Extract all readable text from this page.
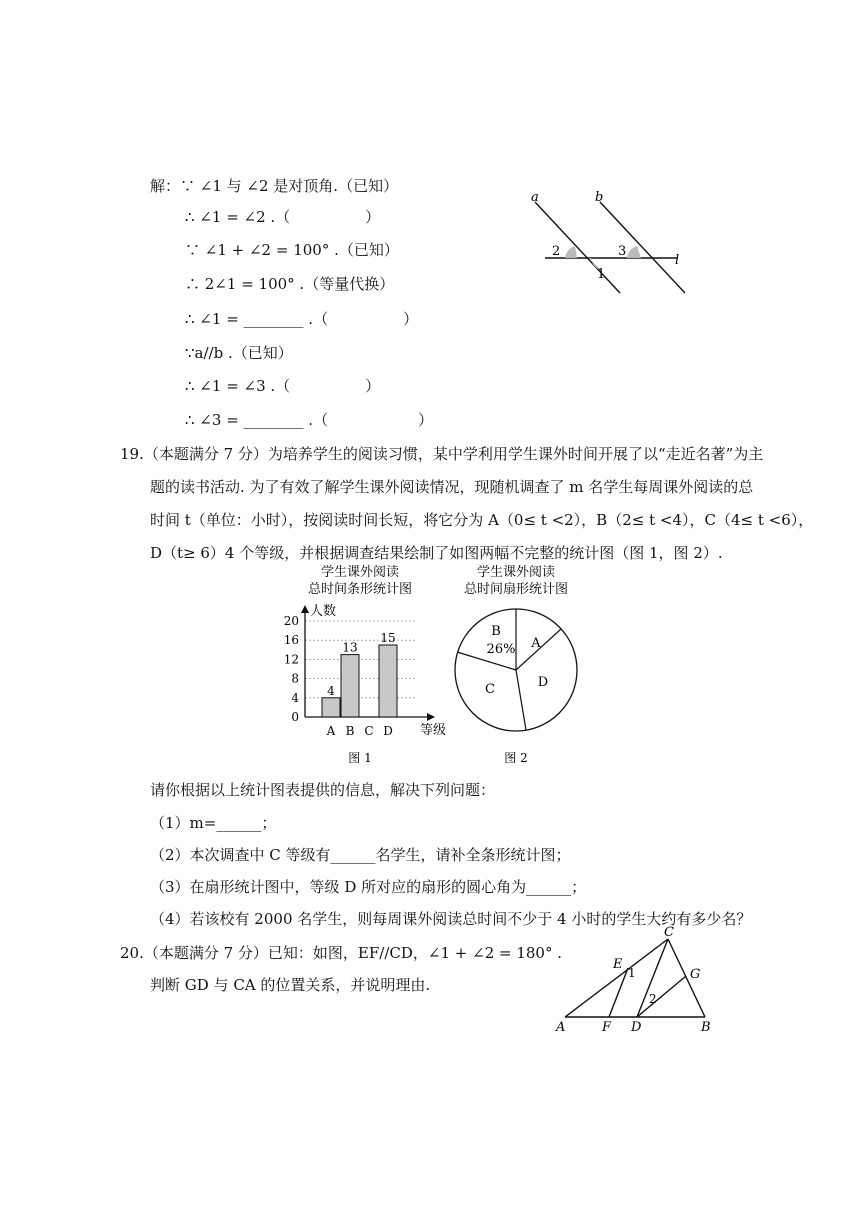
解：∵ ∠1 与 ∠2 是对顶角.（已知）
∴ ∠1 = ∠2 .（　　　　　）
∵ ∠1 + ∠2 = 100° .（已知）
∴ 2∠1 = 100° .（等量代换）
∴ ∠1 = ________ .（　　　　　）
∵a//b .（已知）
∴ ∠1 = ∠3 .（　　　　　）
∴ ∠3 = ________ .（　　　　　　）
a	b
l
2	3
1
19.（本题满分 7 分）为培养学生的阅读习惯，某中学利用学生课外时间开展了以“走近名著”为主
题的读书活动. 为了有效了解学生课外阅读情况，现随机调查了 m 名学生每周课外阅读的总
时间 t（单位：小时），按阅读时间长短，将它分为 A（0≤ t <2），B（2≤ t <4），C（4≤ t <6），
D（t≥ 6）4 个等级，并根据调查结果绘制了如图两幅不完整的统计图（图 1，图 2）.
学生课外阅读
总时间条形统计图
0
4
8
12
16
20
4
A
13
B C
15
D
人数
等级
图 1
学生课外阅读
总时间扇形统计图
B
26% A
D
C
图 2
请你根据以上统计图表提供的信息，解决下列问题：
（1）m=______；
（2）本次调查中 C 等级有______名学生，请补全条形统计图；
（3）在扇形统计图中，等级 D 所对应的扇形的圆心角为______；
（4）若该校有 2000 名学生，则每周课外阅读总时间不少于 4 小时的学生大约有多少名？
20.（本题满分 7 分）已知：如图，EF//CD，∠1 + ∠2 = 180° .
判断 GD 与 CA 的位置关系，并说明理由.
C
E
1	G
2
A	F D	B
